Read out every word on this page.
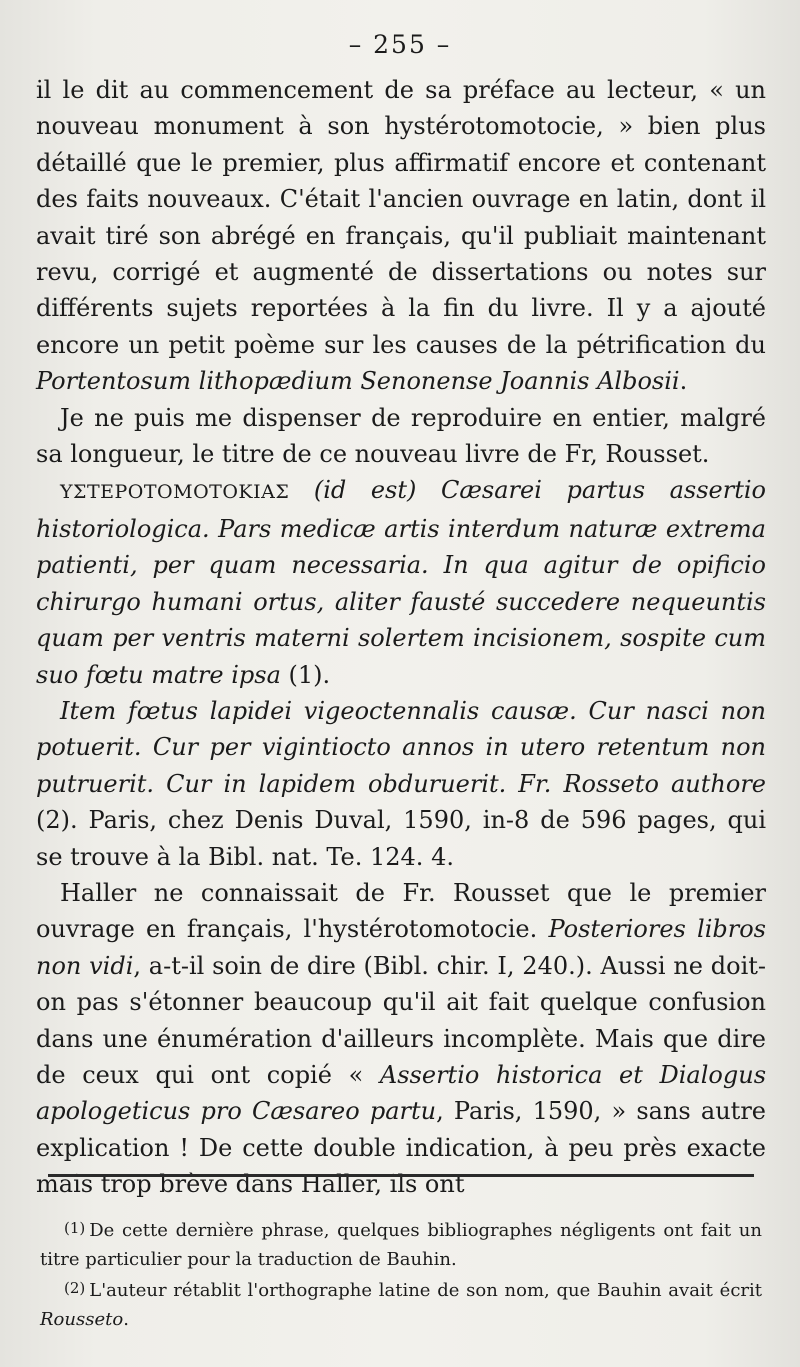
– 255 –

il le dit au commencement de sa préface au lecteur, « un nouveau monument à son hystérotomotocie, » bien plus détaillé que le premier, plus affirmatif encore et contenant des faits nouveaux. C'était l'ancien ouvrage en latin, dont il avait tiré son abrégé en français, qu'il publiait maintenant revu, corrigé et augmenté de dissertations ou notes sur différents sujets reportées à la fin du livre. Il y a ajouté encore un petit poème sur les causes de la pétrification du Portentosum lithopædium Senonense Joannis Albosii.

Je ne puis me dispenser de reproduire en entier, malgré sa longueur, le titre de ce nouveau livre de Fr, Rousset.

ΥΣΤΕΡΟΤΟΜΟΤΟΚΙΑΣ (id est) Cæsarei partus assertio historiologica. Pars medicæ artis interdum naturæ extrema patienti, per quam necessaria. In qua agitur de opificio chirurgo humani ortus, aliter fausté succedere nequeuntis quam per ventris materni solertem incisionem, sospite cum suo fœtu matre ipsa (1).

Item fœtus lapidei vigeoctennalis causæ. Cur nasci non potuerit. Cur per vigintiocto annos in utero retentum non putruerit. Cur in lapidem obduruerit. Fr. Rosseto authore (2). Paris, chez Denis Duval, 1590, in-8 de 596 pages, qui se trouve à la Bibl. nat. Te. 124. 4.

Haller ne connaissait de Fr. Rousset que le premier ouvrage en français, l'hystérotomotocie. Posteriores libros non vidi, a-t-il soin de dire (Bibl. chir. I, 240.). Aussi ne doit-on pas s'étonner beaucoup qu'il ait fait quelque confusion dans une énumération d'ailleurs incomplète. Mais que dire de ceux qui ont copié « Assertio historica et Dialogus apologeticus pro Cæsareo partu, Paris, 1590, » sans autre explication ! De cette double indication, à peu près exacte mais trop brève dans Haller, ils ont

(1) De cette dernière phrase, quelques bibliographes négligents ont fait un titre particulier pour la traduction de Bauhin.

(2) L'auteur rétablit l'orthographe latine de son nom, que Bauhin avait écrit Rousseto.
